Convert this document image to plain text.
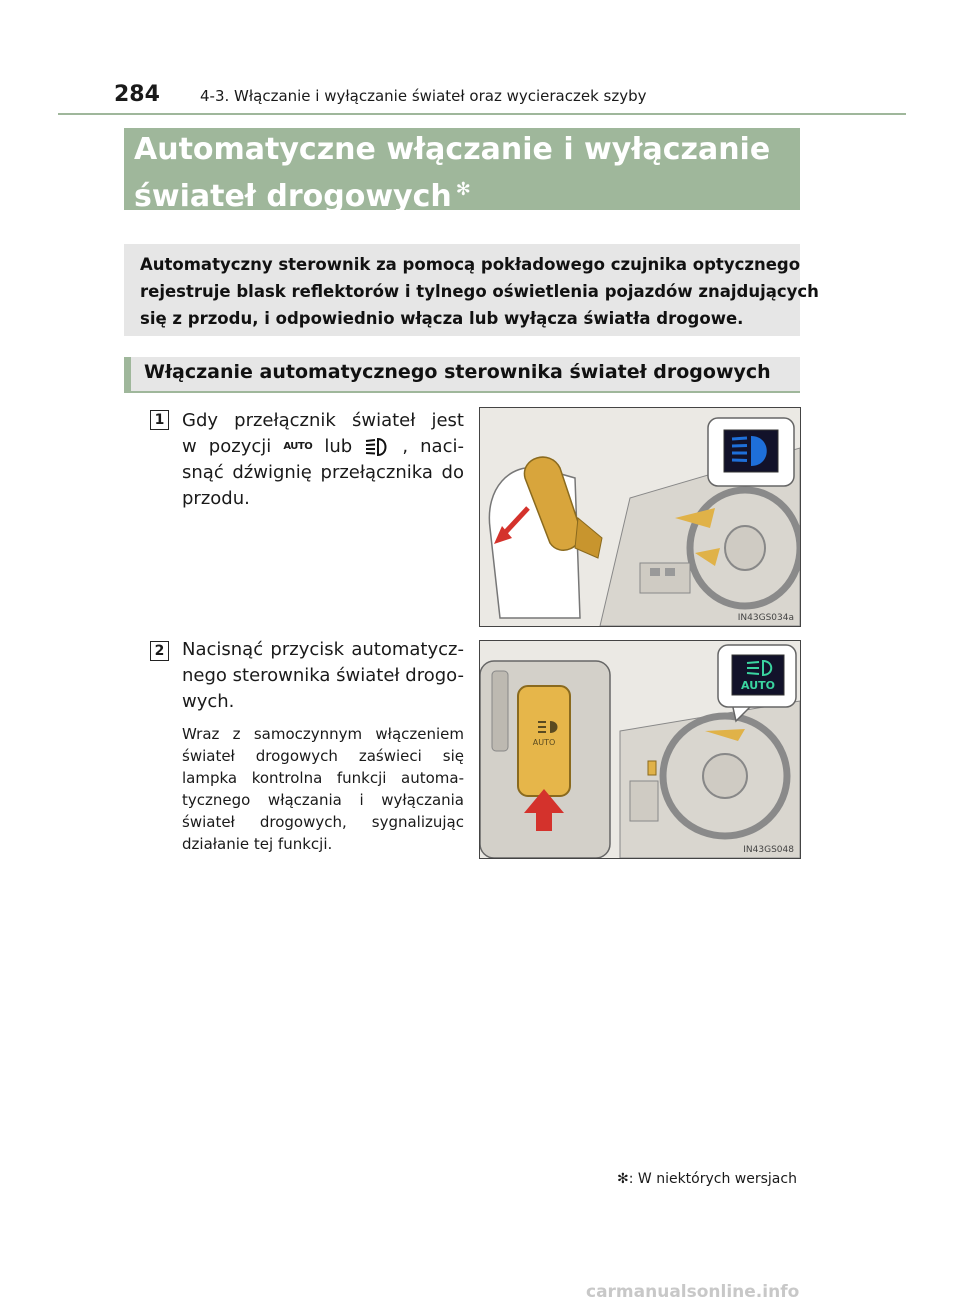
284	4-3. Włączanie i wyłączanie świateł oraz wycieraczek szyby
Automatyczne włączanie i wyłączanie
świateł drogowych ✻
Automatyczny sterownik za pomocą pokładowego czujnika optycznego
rejestruje blask reflektorów i tylnego oświetlenia pojazdów znajdujących
się z przodu, i odpowiednio włącza lub wyłącza światła drogowe.
Włączanie automatycznego sterownika świateł drogowych
1 Gdy przełącznik świateł jest
w pozycji AUTO lub	, naci-
snąć dźwignię przełącznika do
przodu.
IN43GS034a
2 Nacisnąć przycisk automatycz-
nego sterownika świateł drogo-
wych.
Wraz z samoczynnym włączeniem
świateł drogowych zaświeci się
lampka kontrolna funkcji automa-
tycznego włączania i wyłączania
świateł drogowych, sygnalizując
działanie tej funkcji.
AUTO
AUTO
IN43GS048
✻: W niektórych wersjach
carmanualsonline.info
